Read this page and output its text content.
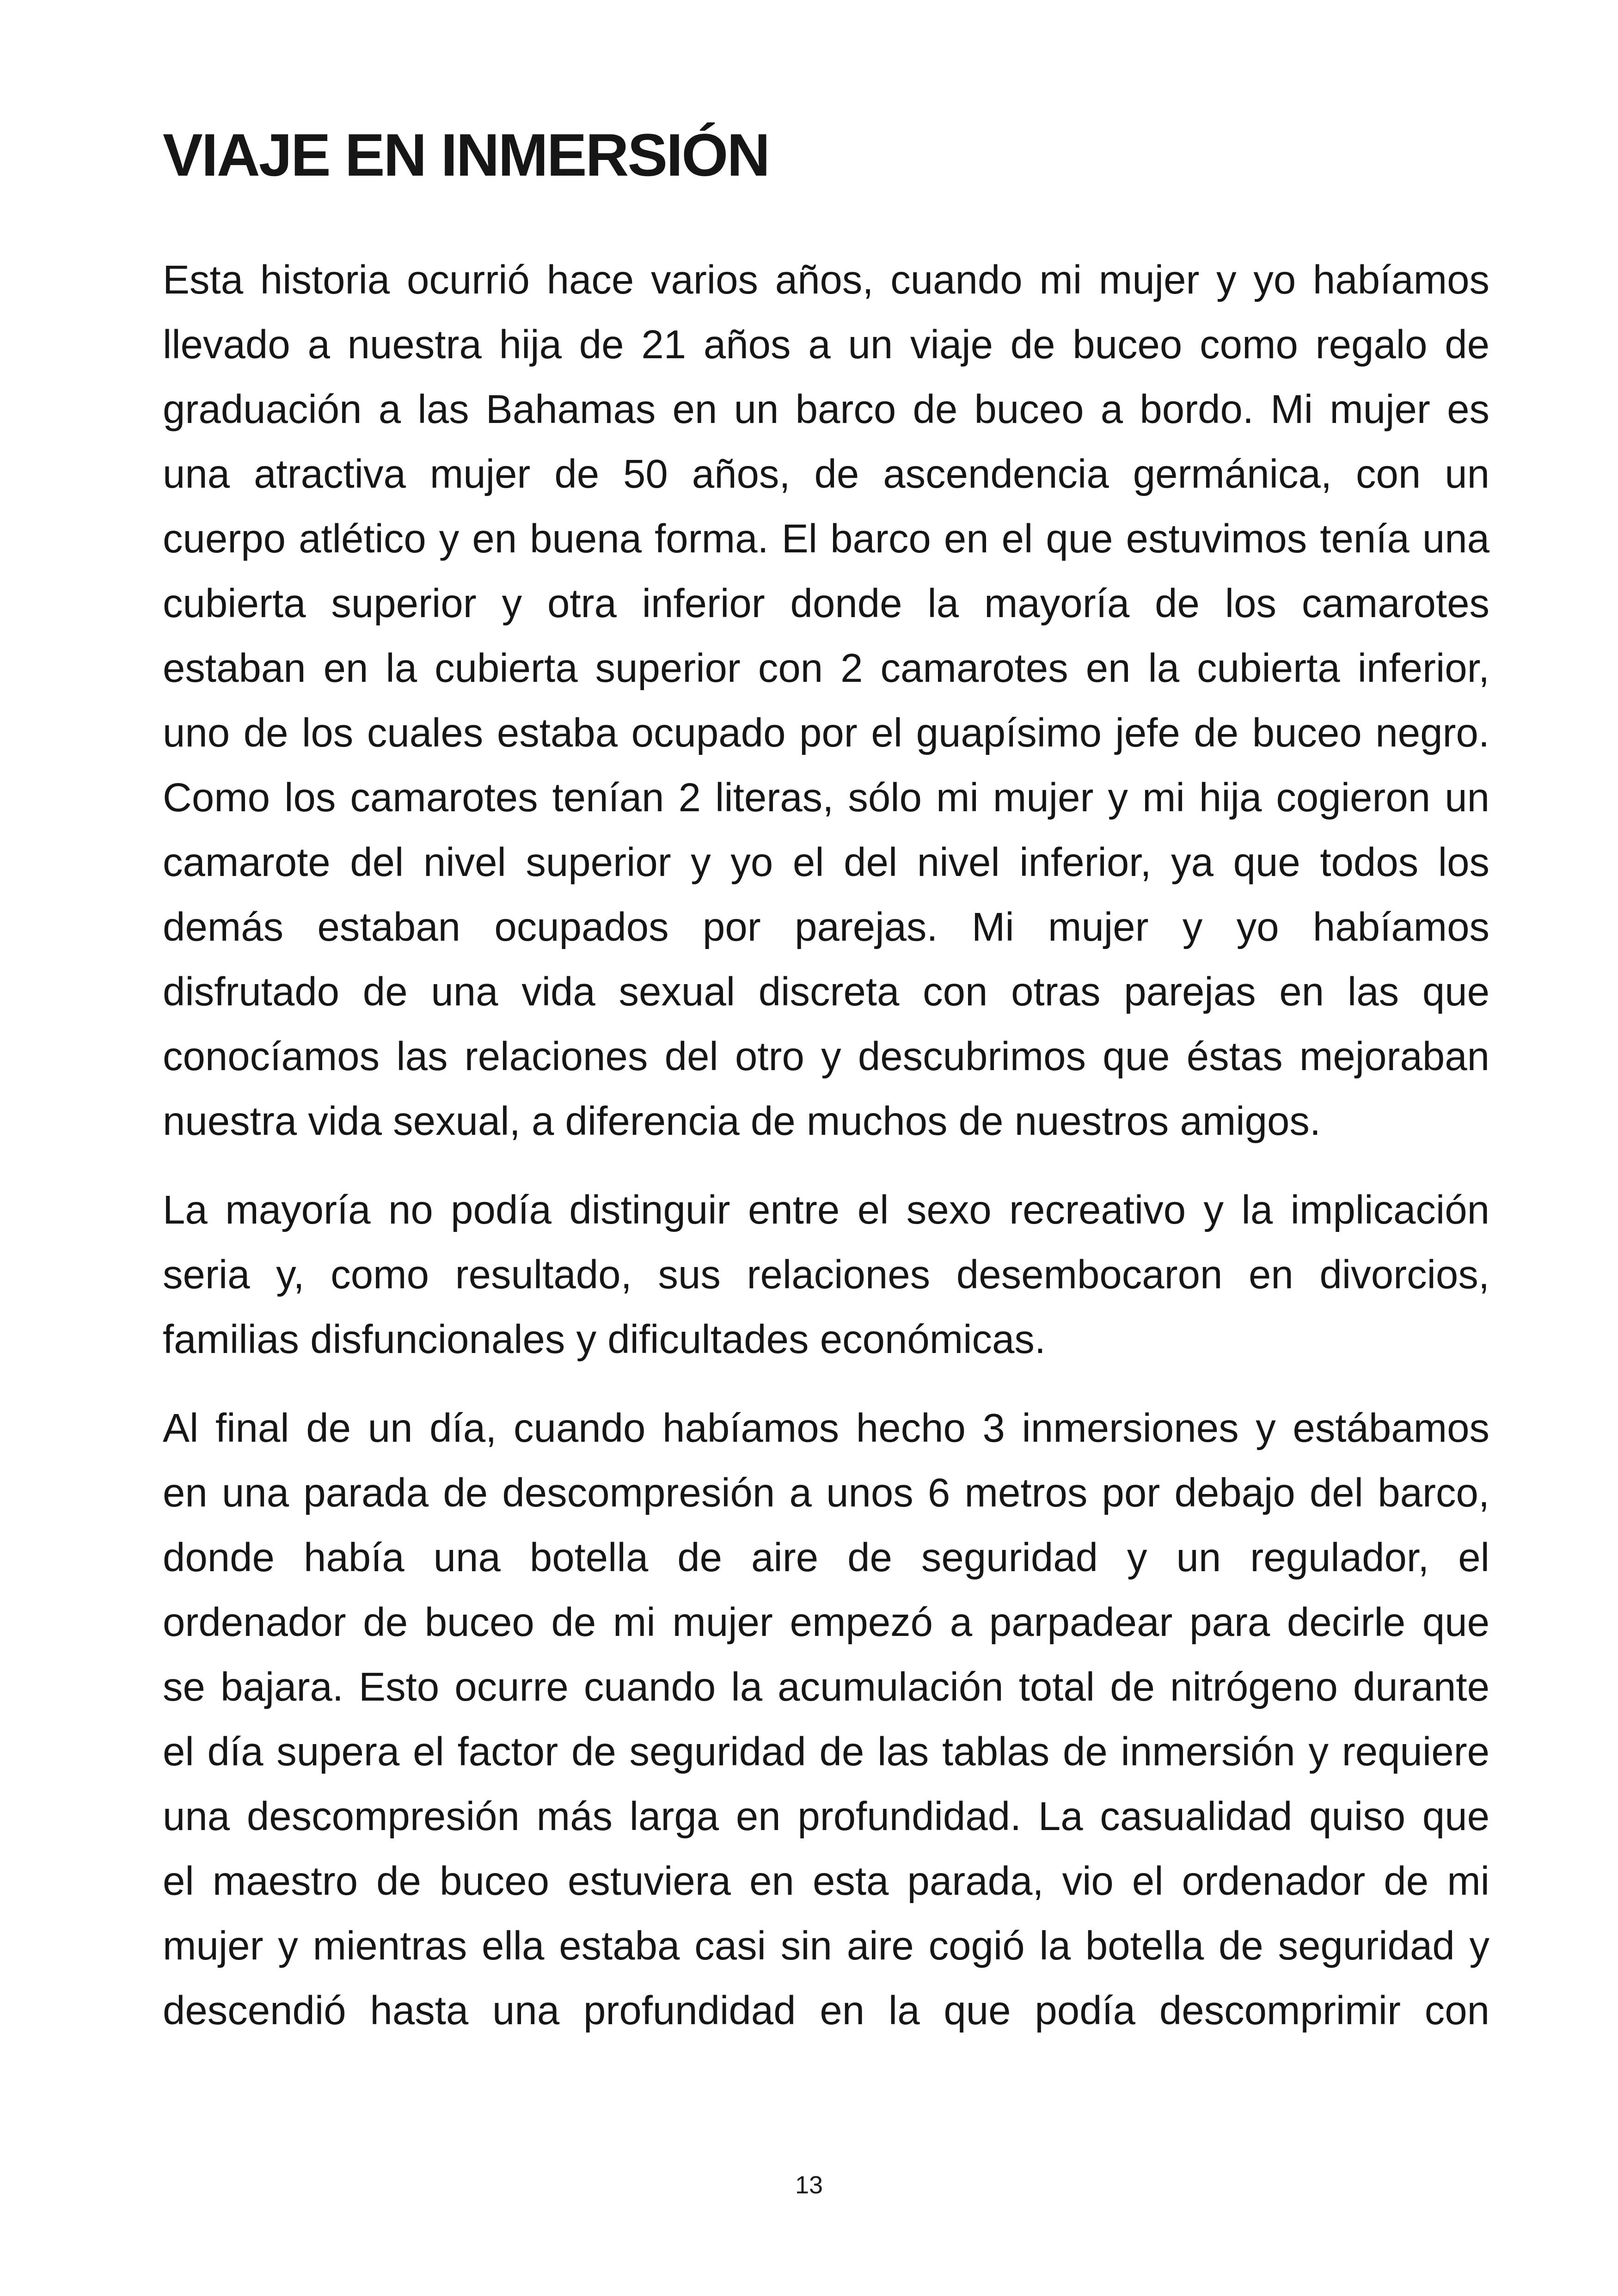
VIAJE EN INMERSIÓN

Esta historia ocurrió hace varios años, cuando mi mujer y yo habíamos
llevado a nuestra hija de 21 años a un viaje de buceo como regalo de
graduación a las Bahamas en un barco de buceo a bordo. Mi mujer es
una atractiva mujer de 50 años, de ascendencia germánica, con un
cuerpo atlético y en buena forma. El barco en el que estuvimos tenía una
cubierta superior y otra inferior donde la mayoría de los camarotes
estaban en la cubierta superior con 2 camarotes en la cubierta inferior,
uno de los cuales estaba ocupado por el guapísimo jefe de buceo negro.
Como los camarotes tenían 2 literas, sólo mi mujer y mi hija cogieron un
camarote del nivel superior y yo el del nivel inferior, ya que todos los
demás estaban ocupados por parejas. Mi mujer y yo habíamos
disfrutado de una vida sexual discreta con otras parejas en las que
conocíamos las relaciones del otro y descubrimos que éstas mejoraban
nuestra vida sexual, a diferencia de muchos de nuestros amigos.

La mayoría no podía distinguir entre el sexo recreativo y la implicación
seria y, como resultado, sus relaciones desembocaron en divorcios,
familias disfuncionales y dificultades económicas.

Al final de un día, cuando habíamos hecho 3 inmersiones y estábamos
en una parada de descompresión a unos 6 metros por debajo del barco,
donde había una botella de aire de seguridad y un regulador, el
ordenador de buceo de mi mujer empezó a parpadear para decirle que
se bajara. Esto ocurre cuando la acumulación total de nitrógeno durante
el día supera el factor de seguridad de las tablas de inmersión y requiere
una descompresión más larga en profundidad. La casualidad quiso que
el maestro de buceo estuviera en esta parada, vio el ordenador de mi
mujer y mientras ella estaba casi sin aire cogió la botella de seguridad y
descendió hasta una profundidad en la que podía descomprimir con

13
